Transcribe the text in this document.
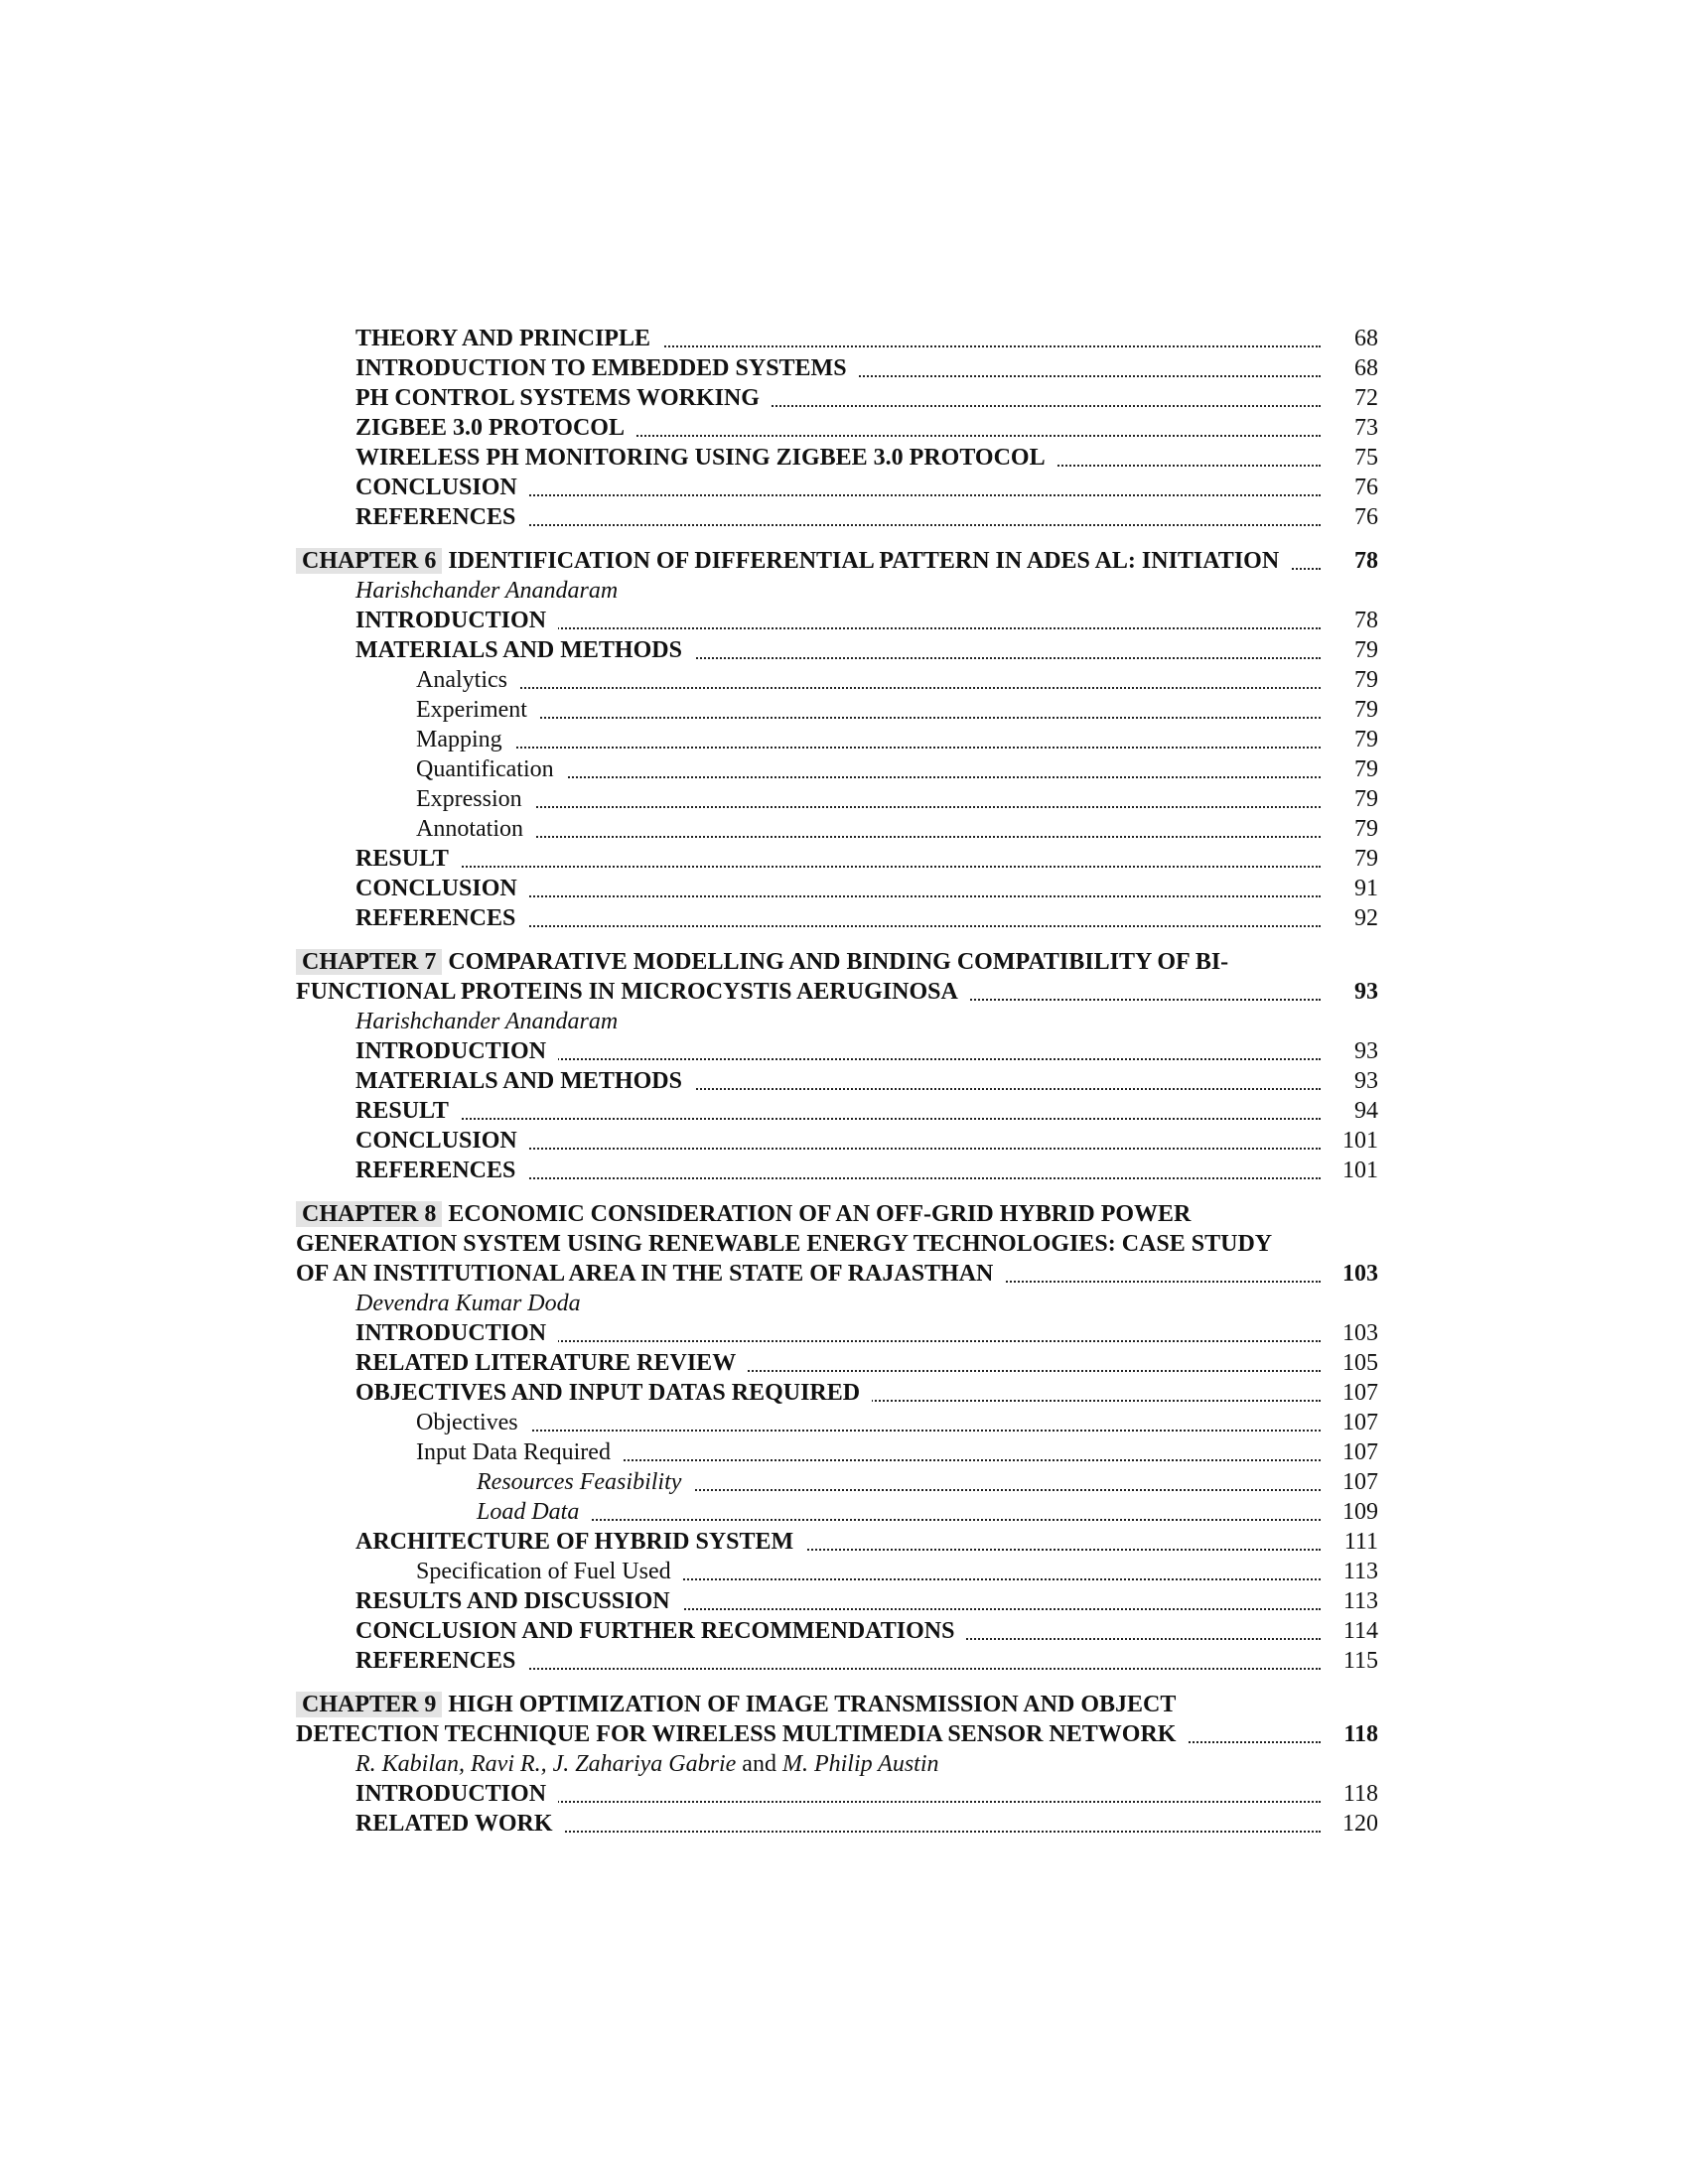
THEORY AND PRINCIPLE	68
INTRODUCTION TO EMBEDDED SYSTEMS	68
PH CONTROL SYSTEMS WORKING	72
ZIGBEE 3.0 PROTOCOL	73
WIRELESS PH MONITORING USING ZIGBEE 3.0 PROTOCOL	75
CONCLUSION	76
REFERENCES	76
CHAPTER 6 IDENTIFICATION OF DIFFERENTIAL PATTERN IN ADES AL: INITIATION	78
Harishchander Anandaram
INTRODUCTION	78
MATERIALS AND METHODS	79
Analytics	79
Experiment	79
Mapping	79
Quantification	79
Expression	79
Annotation	79
RESULT	79
CONCLUSION	91
REFERENCES	92
CHAPTER 7 COMPARATIVE MODELLING AND BINDING COMPATIBILITY OF BI-
FUNCTIONAL PROTEINS IN MICROCYSTIS AERUGINOSA	93
Harishchander Anandaram
INTRODUCTION	93
MATERIALS AND METHODS	93
RESULT	94
CONCLUSION	101
REFERENCES	101
CHAPTER 8 ECONOMIC CONSIDERATION OF AN OFF-GRID HYBRID POWER
GENERATION SYSTEM USING RENEWABLE ENERGY TECHNOLOGIES: CASE STUDY
OF AN INSTITUTIONAL AREA IN THE STATE OF RAJASTHAN	103
Devendra Kumar Doda
INTRODUCTION	103
RELATED LITERATURE REVIEW	105
OBJECTIVES AND INPUT DATAS REQUIRED	107
Objectives	107
Input Data Required	107
Resources Feasibility	107
Load Data	109
ARCHITECTURE OF HYBRID SYSTEM	111
Specification of Fuel Used	113
RESULTS AND DISCUSSION	113
CONCLUSION AND FURTHER RECOMMENDATIONS	114
REFERENCES	115
CHAPTER 9 HIGH OPTIMIZATION OF IMAGE TRANSMISSION AND OBJECT
DETECTION TECHNIQUE FOR WIRELESS MULTIMEDIA SENSOR NETWORK	118
R. Kabilan, Ravi R., J. Zahariya Gabrie and M. Philip Austin
INTRODUCTION	118
RELATED WORK	120
